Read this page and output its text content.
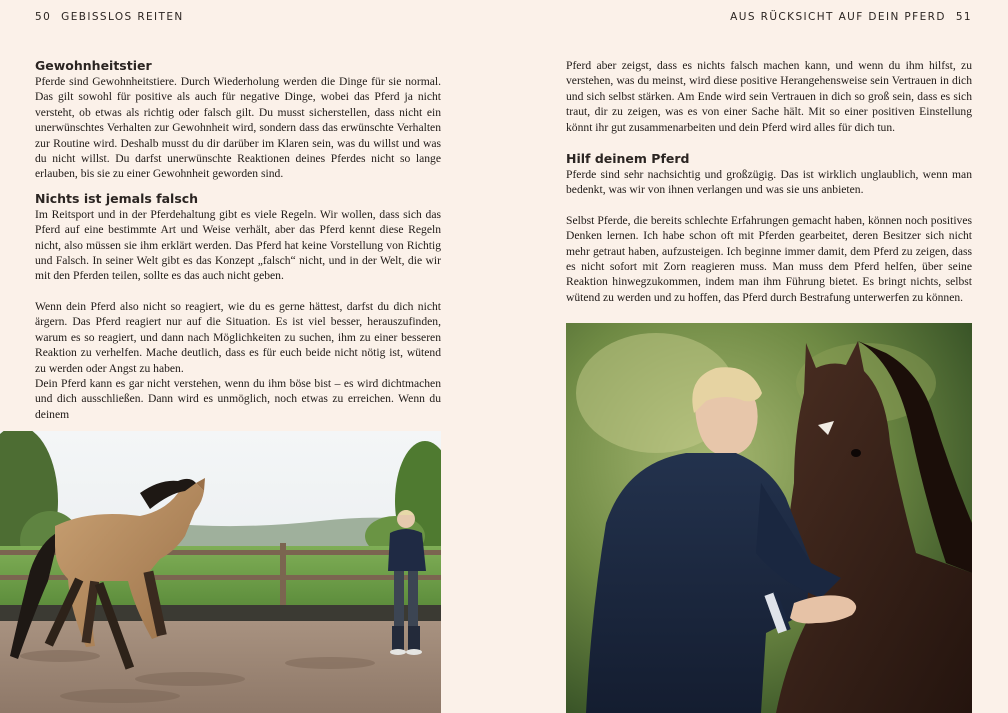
50 GEBISSLOS REITEN
Gewohnheitstier

Pferde sind Gewohnheitstiere. Durch Wiederholung werden die Dinge für sie normal. Das gilt sowohl für positive als auch für negative Dinge, wobei das Pferd ja nicht versteht, ob etwas als richtig oder falsch gilt. Du musst sicherstellen, dass nicht ein unerwünschtes Verhalten zur Gewohnheit wird, sondern dass das erwünschte Verhalten zur Routine wird. Deshalb musst du dir darüber im Klaren sein, was du willst und was du nicht willst. Du darfst unerwünschte Reaktionen deines Pferdes nicht so lange erlauben, bis sie zu einer Gewohnheit geworden sind.

Nichts ist jemals falsch

Im Reitsport und in der Pferdehaltung gibt es viele Regeln. Wir wollen, dass sich das Pferd auf eine bestimmte Art und Weise verhält, aber das Pferd kennt diese Regeln nicht, also müssen sie ihm erklärt werden. Das Pferd hat keine Vorstellung von Richtig und Falsch. In seiner Welt gibt es das Konzept „falsch“ nicht, und in der Welt, die wir mit den Pferden teilen, sollte es das auch nicht geben.

Wenn dein Pferd also nicht so reagiert, wie du es gerne hättest, darfst du dich nicht ärgern. Das Pferd reagiert nur auf die Situation. Es ist viel besser, herauszufinden, warum es so reagiert, und dann nach Möglichkeiten zu suchen, ihm zu einer besseren Reaktion zu verhelfen. Mache deutlich, dass es für euch beide nicht nötig ist, wütend zu werden oder Angst zu haben.

Dein Pferd kann es gar nicht verstehen, wenn du ihm böse bist – es wird dichtmachen und dich ausschließen. Dann wird es unmöglich, noch etwas zu erreichen. Wenn du deinem

AUS RÜCKSICHT AUF DEIN PFERD 51

Pferd aber zeigst, dass es nichts falsch machen kann, und wenn du ihm hilfst, zu verstehen, was du meinst, wird diese positive Herangehensweise sein Vertrauen in dich und sich selbst stärken. Am Ende wird sein Vertrauen in dich so groß sein, dass es sich traut, dir zu zeigen, was es von einer Sache hält. Mit so einer positiven Einstellung könnt ihr gut zusammenarbeiten und dein Pferd wird alles für dich tun.

Hilf deinem Pferd

Pferde sind sehr nachsichtig und großzügig. Das ist wirklich unglaublich, wenn man bedenkt, was wir von ihnen verlangen und was sie uns anbieten.

Selbst Pferde, die bereits schlechte Erfahrungen gemacht haben, können noch positives Denken lernen. Ich habe schon oft mit Pferden gearbeitet, deren Besitzer sich nicht mehr getraut haben, aufzusteigen. Ich beginne immer damit, dem Pferd zu zeigen, dass es nicht sofort mit Zorn reagieren muss. Man muss dem Pferd helfen, über seine Reaktion hinwegzukommen, indem man ihm Führung bietet. Es bringt nichts, selbst wütend zu werden und zu hoffen, das Pferd durch Bestrafung unterwerfen zu können.
